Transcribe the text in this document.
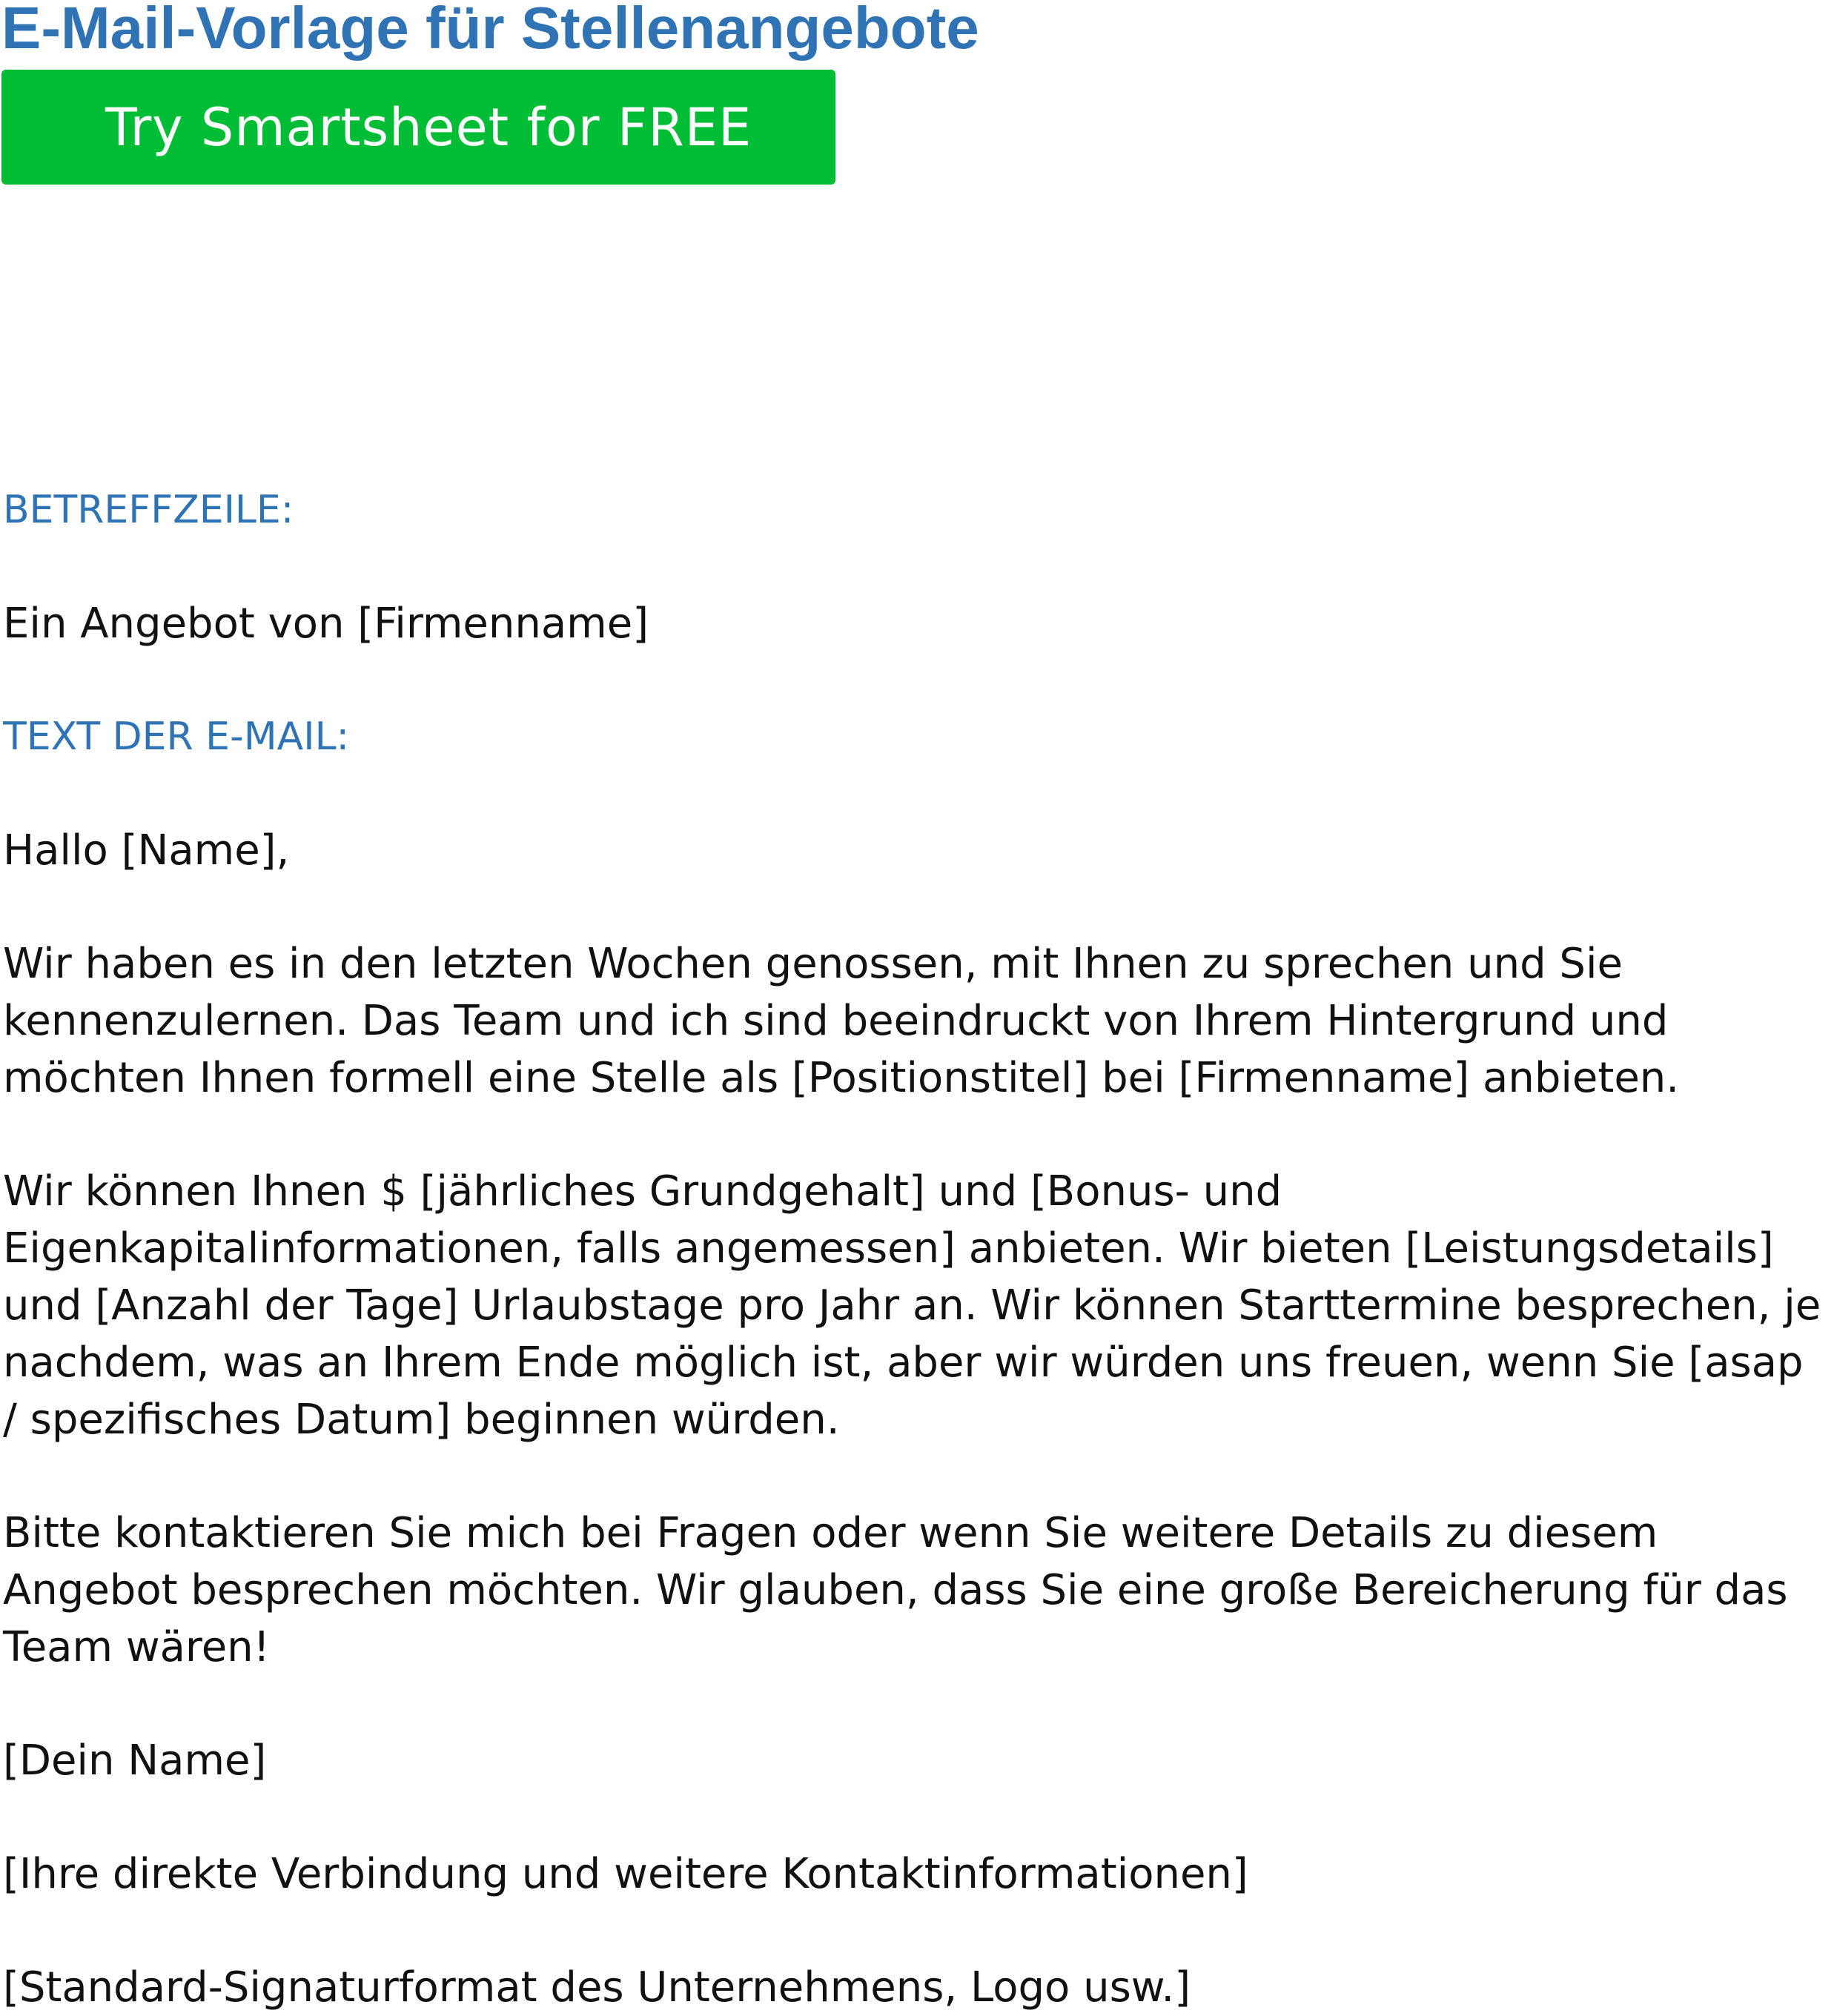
E-Mail-Vorlage für Stellenangebote
Try Smartsheet for FREE

BETREFFZEILE:

Ein Angebot von [Firmenname]

TEXT DER E-MAIL:

Hallo [Name],

Wir haben es in den letzten Wochen genossen, mit Ihnen zu sprechen und Sie kennenzulernen. Das Team und ich sind beeindruckt von Ihrem Hintergrund und möchten Ihnen formell eine Stelle als [Positionstitel] bei [Firmenname] anbieten.

Wir können Ihnen $ [jährliches Grundgehalt] und [Bonus- und Eigenkapitalinformationen, falls angemessen] anbieten. Wir bieten [Leistungsdetails] und [Anzahl der Tage] Urlaubstage pro Jahr an. Wir können Starttermine besprechen, je nachdem, was an Ihrem Ende möglich ist, aber wir würden uns freuen, wenn Sie [asap / spezifisches Datum] beginnen würden.

Bitte kontaktieren Sie mich bei Fragen oder wenn Sie weitere Details zu diesem Angebot besprechen möchten. Wir glauben, dass Sie eine große Bereicherung für das Team wären!

[Dein Name]

[Ihre direkte Verbindung und weitere Kontaktinformationen]

[Standard-Signaturformat des Unternehmens, Logo usw.]
